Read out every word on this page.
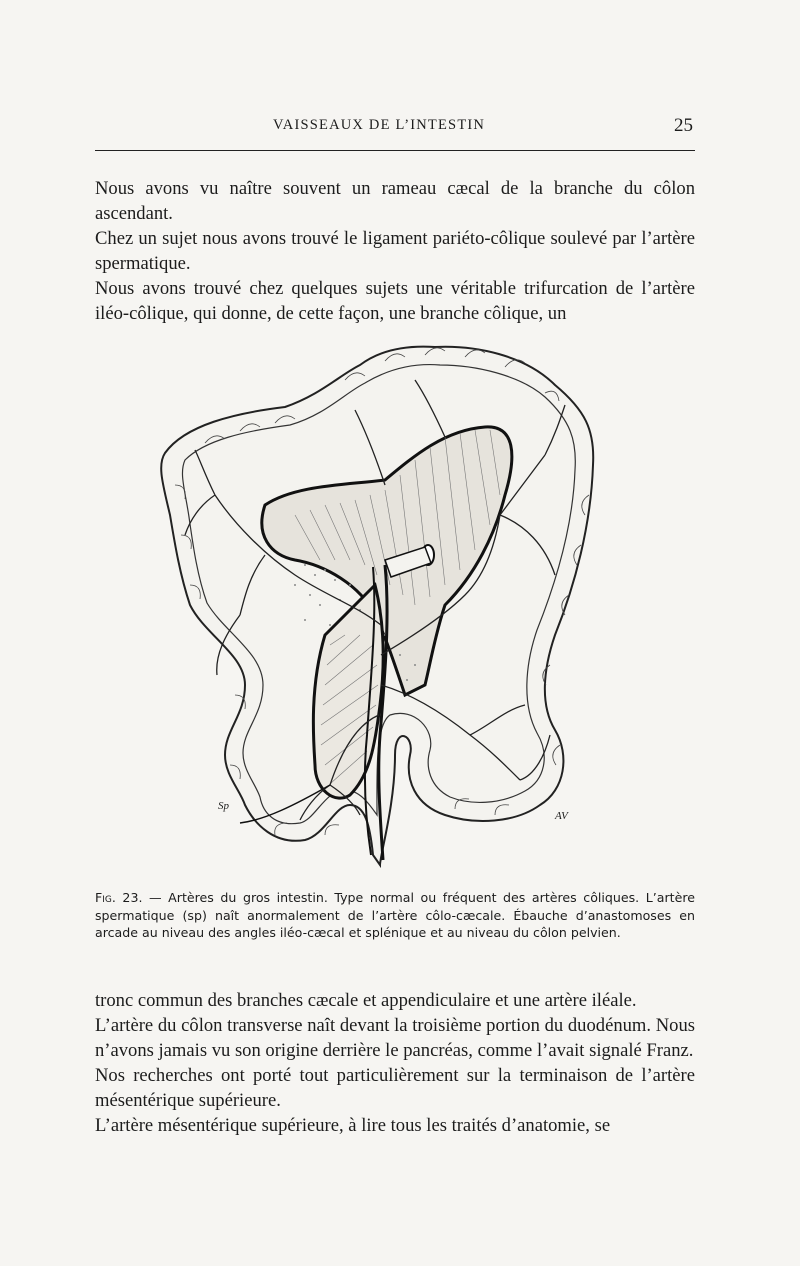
VAISSEAUX DE L’INTESTIN	25

Nous avons vu naître souvent un rameau cæcal de la branche du côlon ascendant.

Chez un sujet nous avons trouvé le ligament pariéto-côlique soulevé par l’artère spermatique.

Nous avons trouvé chez quelques sujets une véritable trifurcation de l’artère iléo-côlique, qui donne, de cette façon, une branche côlique, un

Sp
AV
Fig. 23. — Artères du gros intestin. Type normal ou fréquent des artères côliques. L’artère spermatique (sp) naît anormalement de l’artère côlo-cæcale. Ébauche d’anastomoses en arcade au niveau des angles iléo-cæcal et splénique et au niveau du côlon pelvien.

tronc commun des branches cæcale et appendiculaire et une artère iléale.

L’artère du côlon transverse naît devant la troisième portion du duodénum. Nous n’avons jamais vu son origine derrière le pancréas, comme l’avait signalé Franz.

Nos recherches ont porté tout particulièrement sur la terminaison de l’artère mésentérique supérieure.

L’artère mésentérique supérieure, à lire tous les traités d’anatomie, se
